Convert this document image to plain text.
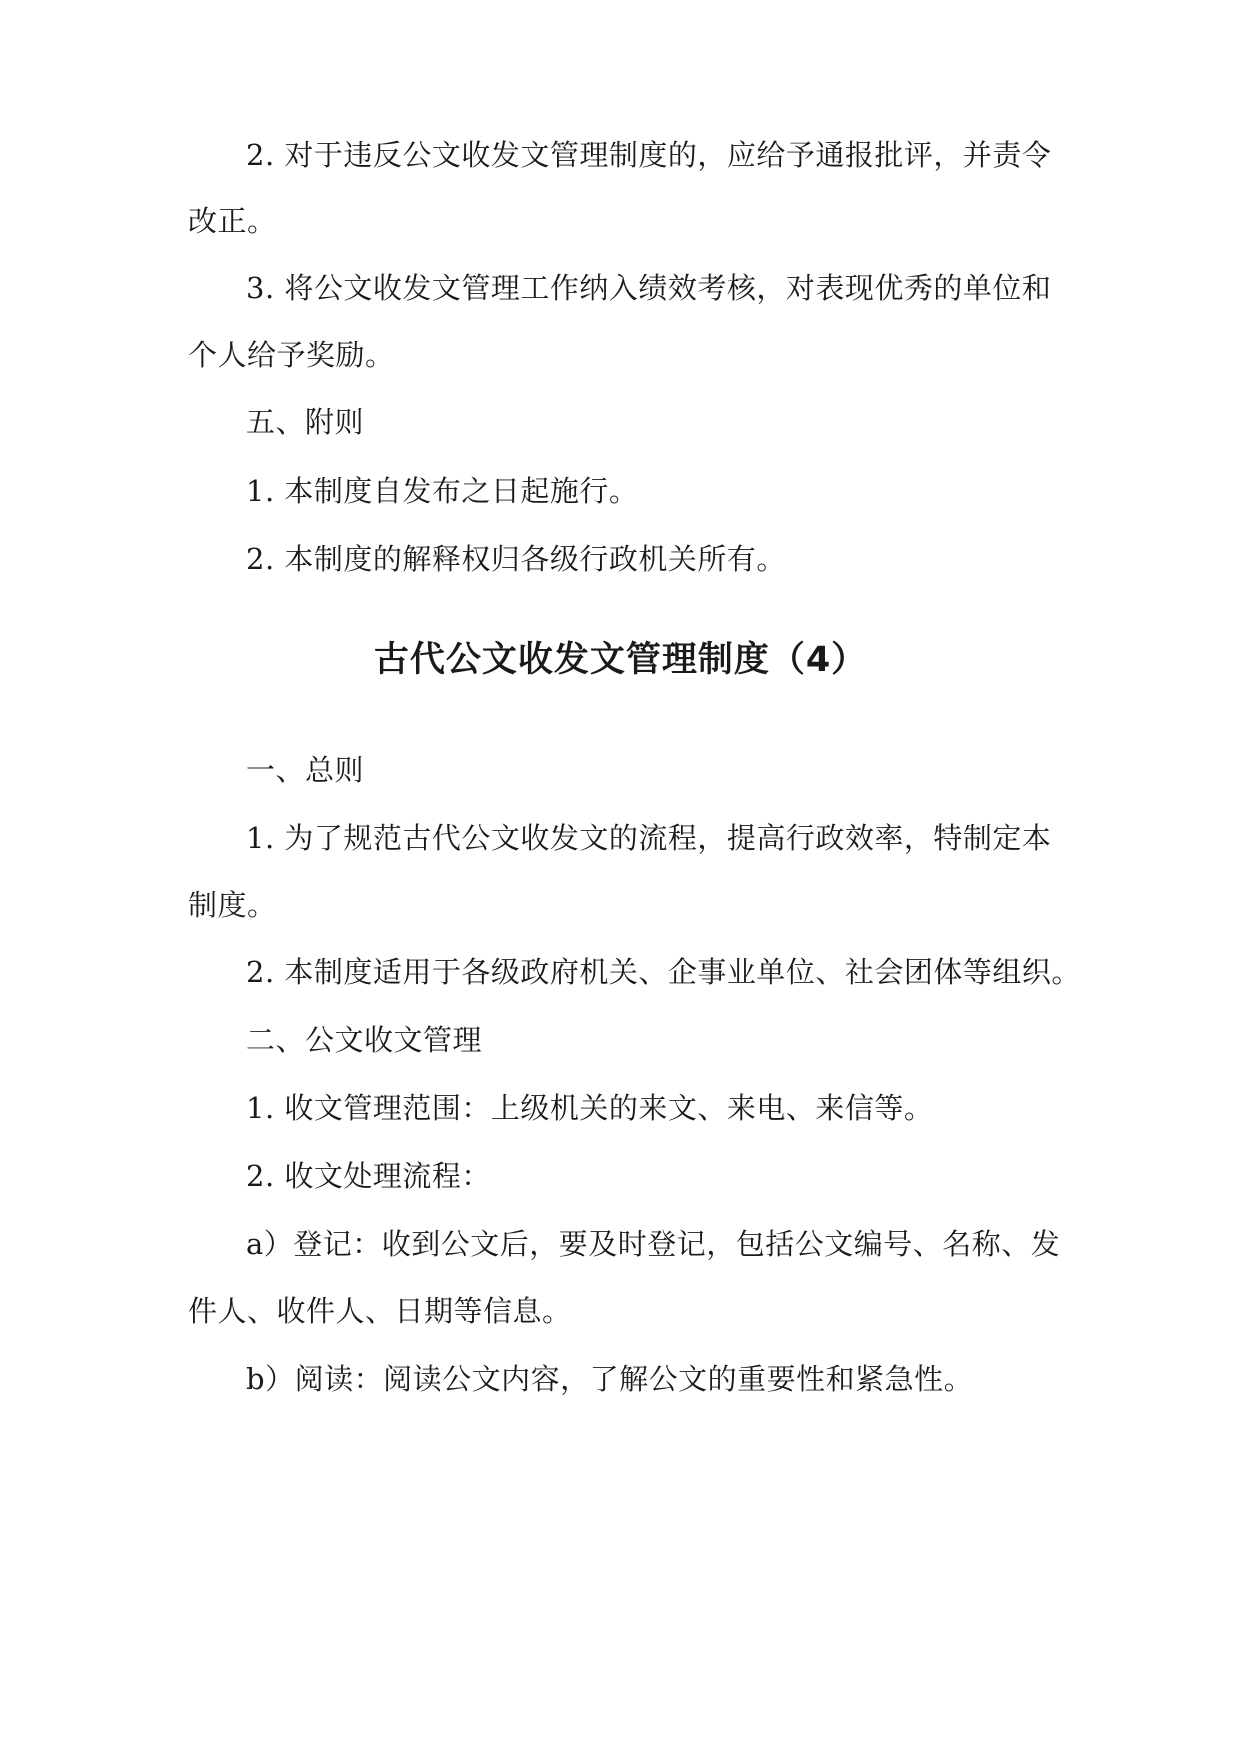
2. 对于违反公文收发文管理制度的，应给予通报批评，并责令
改正。
3. 将公文收发文管理工作纳入绩效考核，对表现优秀的单位和
个人给予奖励。
五、附则
1. 本制度自发布之日起施行。
2. 本制度的解释权归各级行政机关所有。
古代公文收发文管理制度（4）
一、总则
1. 为了规范古代公文收发文的流程，提高行政效率，特制定本
制度。
2. 本制度适用于各级政府机关、企事业单位、社会团体等组织。
二、公文收文管理
1. 收文管理范围：上级机关的来文、来电、来信等。
2. 收文处理流程：
a）登记：收到公文后，要及时登记，包括公文编号、名称、发
件人、收件人、日期等信息。
b）阅读：阅读公文内容，了解公文的重要性和紧急性。
